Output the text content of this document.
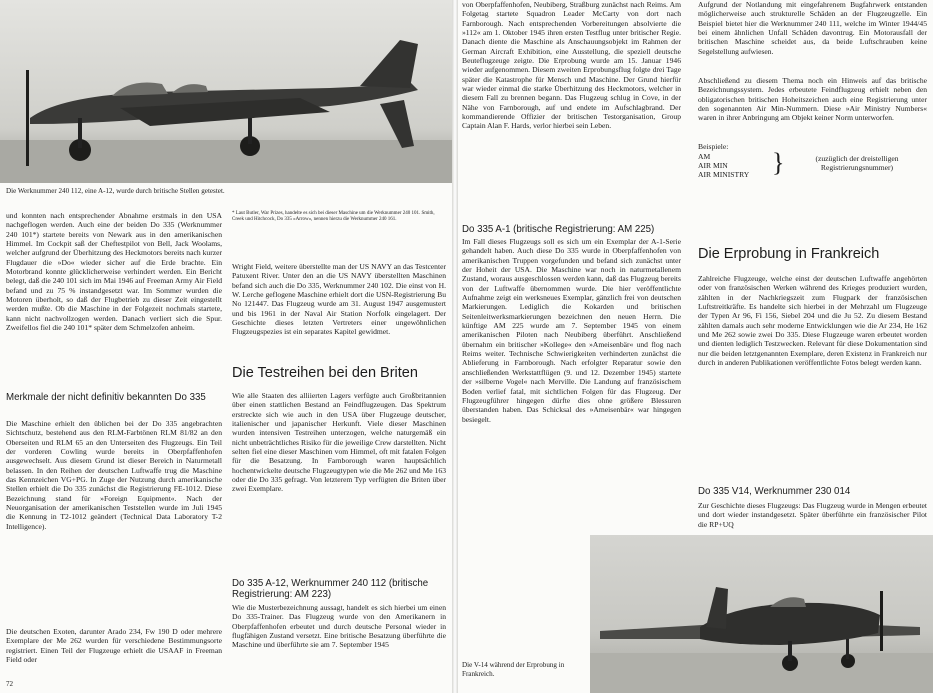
Die Werknummer 240 112, eine A-12, wurde durch britische Stellen getestet.

und konnten nach entsprechender Abnahme erstmals in den USA nachgeflogen werden. Auch eine der beiden Do 335 (Werknummer 240 101*) startete bereits von Newark aus in den amerikanischen Himmel. Im Cockpit saß der Cheftestpilot von Bell, Jack Woolams, welcher aufgrund der Überhitzung des Heckmotors bereits nach kurzer Flugdauer die »Do« wieder sicher auf die Erde brachte. Ein Motorbrand konnte glücklicherweise verhindert werden. Ein Bericht belegt, daß die 240 101 sich im Mai 1946 auf Freeman Army Air Field befand und zu 75 % instandgesetzt war. Im Sommer wurden die Motoren überholt, so daß der Flugbetrieb zu dieser Zeit eingestellt werden mußte. Ob die Maschine in der Folgezeit nochmals startete, kann nicht nachvollzogen werden. Danach verliert sich die Spur. Zweifellos fiel die 240 101* später dem Schmelzofen anheim.

Merkmale der nicht definitiv bekannten Do 335

Die Maschine erhielt den üblichen bei der Do 335 angebrachten Sichtschutz, bestehend aus den RLM-Farbtönen RLM 81/82 an den Oberseiten und RLM 65 an den Unterseiten des Flugzeugs. Ein Teil der vorderen Cowling wurde bereits in Oberpfaffenhofen ausgewechselt. Aus diesem Grund ist dieser Bereich in Naturmetall belassen. In den Reihen der deutschen Luftwaffe trug die Maschine das Kennzeichen VG+PG. In Zuge der Nutzung durch amerikanische Stellen erhielt die Do 335 zunächst die Registrierung FE-1012. Diese Bezeichnung stand für »Foreign Equipment«. Nach der Neuorganisation der amerikanischen Teststellen wurde im Juli 1945 die Kennung in T2-1012 geändert (Technical Data Laboratory T-2 Intelligence).

Die deutschen Exoten, darunter Arado 234, Fw 190 D oder mehrere Exemplare der Me 262 wurden für verschiedene Bestimmungsorte registriert. Einen Teil der Flugzeuge erhielt die USAAF in Freeman Field oder

72

* Laut Butler, War Prizes, handelte es sich bei dieser Maschine um die Werknummer 240 101. Smith, Creek und Hitchcock, Do 335 »Arrow«, nennen hierzu die Werknummer 240 161.

Wright Field, weitere überstellte man der US NAVY an das Testcenter Patuxent River. Unter den an die US NAVY überstellten Maschinen befand sich auch die Do 335, Werknummer 240 102. Die einst von H. W. Lerche geflogene Maschine erhielt dort die USN-Registrierung Bu No 121447. Das Flugzeug wurde am 31. August 1947 ausgemustert und bis 1961 in der Naval Air Station Norfolk eingelagert. Der Geschichte dieses letzten Vertreters einer ungewöhnlichen Flugzeugspezies ist ein separates Kapitel gewidmet.

Die Testreihen bei den Briten

Wie alle Staaten des alliierten Lagers verfügte auch Großbritannien über einen stattlichen Bestand an Feindflugzeugen. Das Spektrum erstreckte sich wie auch in den USA über Flugzeuge deutscher, italienischer und japanischer Herkunft. Viele dieser Maschinen wurden intensiven Testreihen unterzogen, welche naturgemäß ein nicht unbeträchtliches Risiko für die jeweilige Crew darstellten. Nicht selten fiel eine dieser Maschinen vom Himmel, oft mit fatalen Folgen für die Besatzung. In Farnborough waren hauptsächlich hochentwickelte deutsche Flugzeugtypen wie die Me 262 und Me 163 oder die Do 335 gefragt. Von letzterem Typ verfügten die Briten über zwei Exemplare.

Do 335 A-12, Werknummer 240 112 (britische Registrierung: AM 223)

Wie die Musterbezeichnung aussagt, handelt es sich hierbei um einen Do 335-Trainer. Das Flugzeug wurde von den Amerikanern in Oberpfaffenhofen erbeutet und durch deutsche Personal wieder in flugfähigen Zustand versetzt. Eine britische Besatzung überführte die Maschine und überführte sie am 7. September 1945

von Oberpfaffenhofen, Neubiberg, Straßburg zunächst nach Reims. Am Folgetag startete Squadron Leader McCarty von dort nach Farnborough. Nach entsprechenden Vorbereitungen absolvierte die »112« am 1. Oktober 1945 ihren ersten Testflug unter britischer Regie. Danach diente die Maschine als Anschauungsobjekt im Rahmen der German Aircraft Exhibition, eine Ausstellung, die speziell deutsche Beuteflugzeuge zeigte. Die Erprobung wurde am 15. Januar 1946 wieder aufgenommen. Diesem zweiten Erprobungsflug folgte drei Tage später die Katastrophe für Mensch und Maschine. Der Grund hierfür war wieder einmal die starke Überhitzung des Heckmotors, welcher in diesem Fall zu brennen begann. Das Flugzeug schlug in Cove, in der Nähe von Farnborough, auf und endete im Aufschlagbrand. Der kommandierende Offizier der britischen Testorganisation, Group Captain Alan F. Hards, verlor hierbei sein Leben.

Do 335 A-1 (britische Registrierung: AM 225)

Im Fall dieses Flugzeugs soll es sich um ein Exemplar der A-1-Serie gehandelt haben. Auch diese Do 335 wurde in Oberpfaffenhofen von amerikanischen Truppen vorgefunden und befand sich zunächst unter der Hoheit der USA. Die Maschine war noch in naturmetallenem Zustand, woraus ausgeschlossen werden kann, daß das Flugzeug bereits von der Luftwaffe übernommen wurde. Die hier veröffentlichte Aufnahme zeigt ein werksneues Exemplar, gänzlich frei von deutschen Markierungen. Lediglich die Kokarden und britischen Seitenleitwerksmarkierungen bezeichnen den neuen Herrn. Die künftige AM 225 wurde am 7. September 1945 von einem amerikanischen Piloten nach Neubiberg überführt. Anschließend übernahm ein britischer »Kollege« den »Ameisenbär« und flog nach Reims weiter. Technische Schwierigkeiten verhinderten zunächst die Ablieferung in Farnborough. Nach erfolgter Reparatur sowie den anschließenden Werkstattflügen (9. und 12. Dezember 1945) startete der »silberne Vogel« nach Merville. Die Landung auf französischem Boden verlief fatal, mit sichtlichen Folgen für das Flugzeug. Der Flugzeugführer hingegen dürfte dies ohne größere Blessuren überstanden haben. Das Schicksal des »Ameisenbär« war hingegen besiegelt.

Aufgrund der Notlandung mit eingefahrenem Bugfahrwerk entstanden möglicherweise auch strukturelle Schäden an der Flugzeugzelle. Ein Beispiel bietet hier die Werknummer 240 111, welche im Winter 1944/45 bei einem ähnlichen Unfall Schäden davontrug. Ein Motorausfall der britischen Maschine scheidet aus, da beide Luftschrauben keine Segelstellung aufwiesen.

Abschließend zu diesem Thema noch ein Hinweis auf das britische Bezeichnungssystem. Jedes erbeutete Feindflugzeug erhielt neben den obligatorischen britischen Hoheitszeichen auch eine Registrierung unter den sogenannten Air Min-Nummern. Diese »Air Ministry Numbers« waren in ihrer Anbringung am Objekt keiner Norm unterworfen.

Beispiele:
AM
AIR MIN
AIR MINISTRY }	(zuzüglich der dreistelligen Registrierungsnummer)
Die Erprobung in Frankreich

Zahlreiche Flugzeuge, welche einst der deutschen Luftwaffe angehörten oder von französischen Werken während des Krieges produziert wurden, zählten in der Nachkriegszeit zum Flugpark der französischen Luftstreitkräfte. Es handelte sich hierbei in der Mehrzahl um Flugzeuge der Typen Ar 96, Fi 156, Siebel 204 und die Ju 52. Zu diesem Bestand zählten damals auch sehr moderne Entwicklungen wie die Ar 234, He 162 und Me 262 sowie zwei Do 335. Diese Flugzeuge waren erbeutet worden und dienten lediglich Testzwecken. Relevant für diese Dokumentation sind nur die beiden letztgenannten Exemplare, deren Existenz in Frankreich nur durch in anderen Publikationen veröffentlichte Fotos belegt werden kann.

Do 335 V14, Werknummer 230 014

Zur Geschichte dieses Flugzeugs: Das Flugzeug wurde in Mengen erbeutet und dort wieder instandgesetzt. Später überführte ein französischer Pilot die RP+UQ

Die V-14 während der Erprobung in Frankreich.
